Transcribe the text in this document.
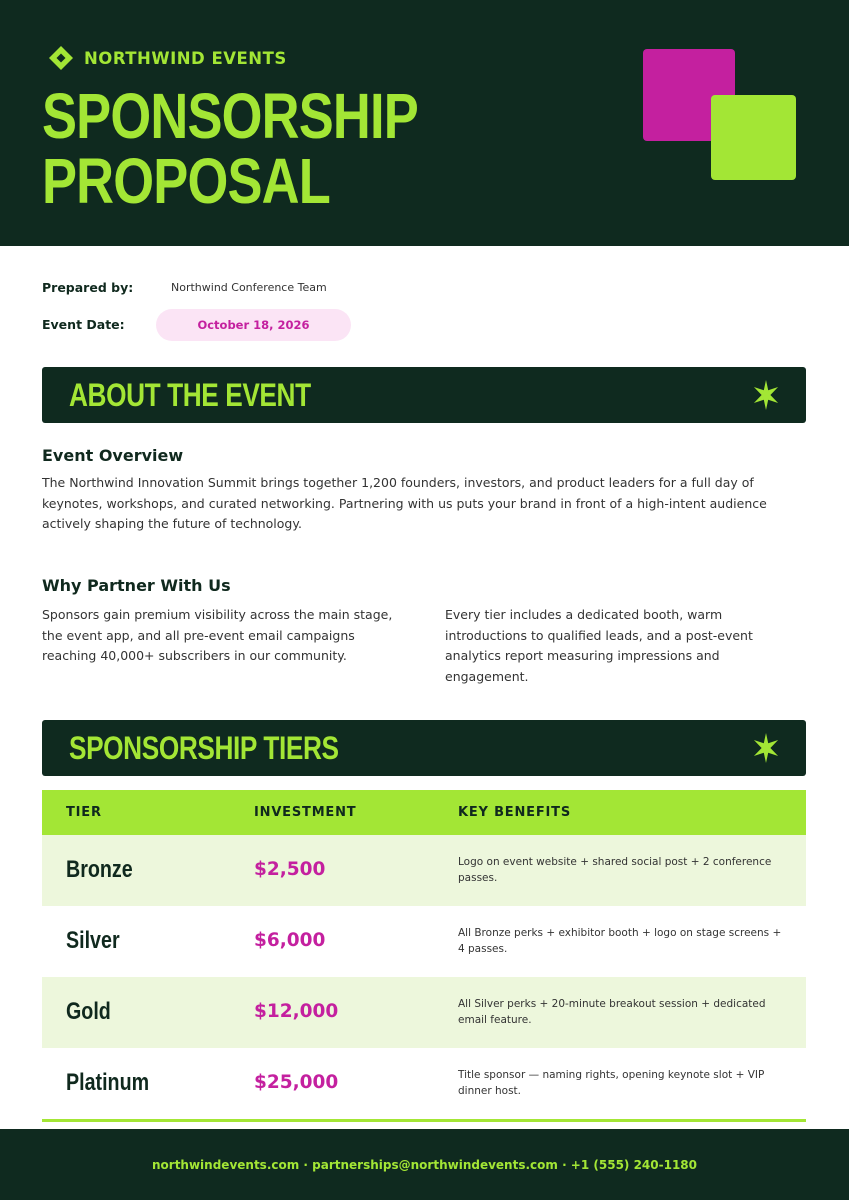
NORTHWIND EVENTS
SPONSORSHIP
PROPOSAL
Prepared by:	Northwind Conference Team
Event Date:	October 18, 2026
ABOUT THE EVENT
Event Overview
The Northwind Innovation Summit brings together 1,200 founders, investors, and product leaders for a full day of keynotes, workshops, and curated networking. Partnering with us puts your brand in front of a high-intent audience actively shaping the future of technology.
Why Partner With Us
Sponsors gain premium visibility across the main stage, the event app, and all pre-event email campaigns reaching 40,000+ subscribers in our community.
Every tier includes a dedicated booth, warm introductions to qualified leads, and a post-event analytics report measuring impressions and engagement.
SPONSORSHIP TIERS
TIER	INVESTMENT	KEY BENEFITS
Bronze	$2,500	Logo on event website + shared social post + 2 conference passes.
Silver	$6,000	All Bronze perks + exhibitor booth + logo on stage screens + 4 passes.
Gold	$12,000	All Silver perks + 20-minute breakout session + dedicated email feature.
Platinum	$25,000	Title sponsor — naming rights, opening keynote slot + VIP dinner host.
northwindevents.com · partnerships@northwindevents.com · +1 (555) 240-1180
